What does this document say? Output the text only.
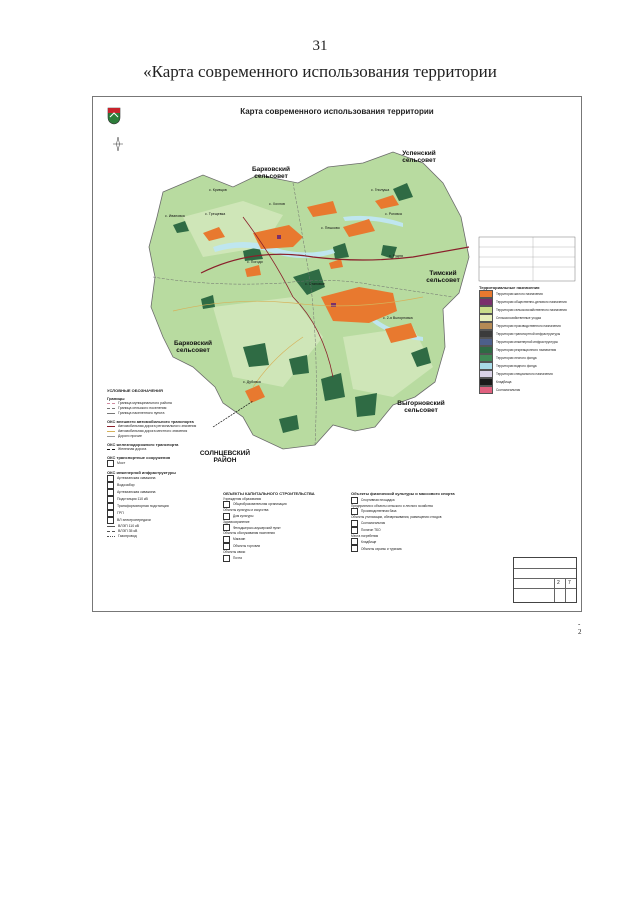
31
«Карта современного использования территории
Карта современного использования территории
Барковский сельсовет
Успенский сельсовет
Тимский сельсовет
Барковский сельсовет
Выгорновский сельсовет
СОЛНЦЕВСКИЙ РАЙОН
с. Кривцов
с. Трещевка
с. Хохлов
с. Погоди
с. Гнилуша
с. Роговка
с. Пешково
с. Рудня
с. Становое
с. Дубовка
с. 2-я Выгорновка
с. Ивановка
УСЛОВНЫЕ ОБОЗНАЧЕНИЯ
Границы
Граница муниципального района
Граница сельского поселения
Граница населенного пункта
ОКС внешнего автомобильного транспорта
Автомобильная дорога регионального значения
Автомобильная дорога местного значения
Дороги прочие
ОКС железнодорожного транспорта
Железная дорога
ОКС транспортные сооружения
Мост
ОКС инженерной инфраструктуры
Артезианская скважина
Водозабор
Артезианская скважина
Подстанция 110 кВ
Трансформаторная подстанция
ГРП
ВЛ электропередачи
ВЛЭП 110 кВ
ВЛЭП 35 кВ
Газопровод
ОБЪЕКТЫ КАПИТАЛЬНОГО СТРОИТЕЛЬСТВА
Учреждения образования
Общеобразовательная организация
Объекты культуры и искусства
Дом культуры
Здравоохранение
Фельдшерско-акушерский пункт
Объекты обслуживания населения
Магазин
Объекты торговли
Объекты связи
Почта
Объекты физической культуры и массового спорта
Спортивная площадка
Предприятия и объекты сельского и лесного хозяйства
Производственная база
Объекты утилизации, обезвреживания, размещения отходов
Скотомогильник
Полигон ТБО
Места погребения
Кладбище
Объекты охраны и туризма
Территориальные назначения
Территории жилого назначения
Территории общественно-делового назначения
Территории сельскохозяйственного назначения
Сельскохозяйственные угодья
Территории производственного назначения
Территории транспортной инфраструктуры
Территории инженерной инфраструктуры
Территории рекреационного назначения
Территории лесного фонда
Территории водного фонда
Территории специального назначения
Кладбища
Скотомогильник
2 7
-
2
